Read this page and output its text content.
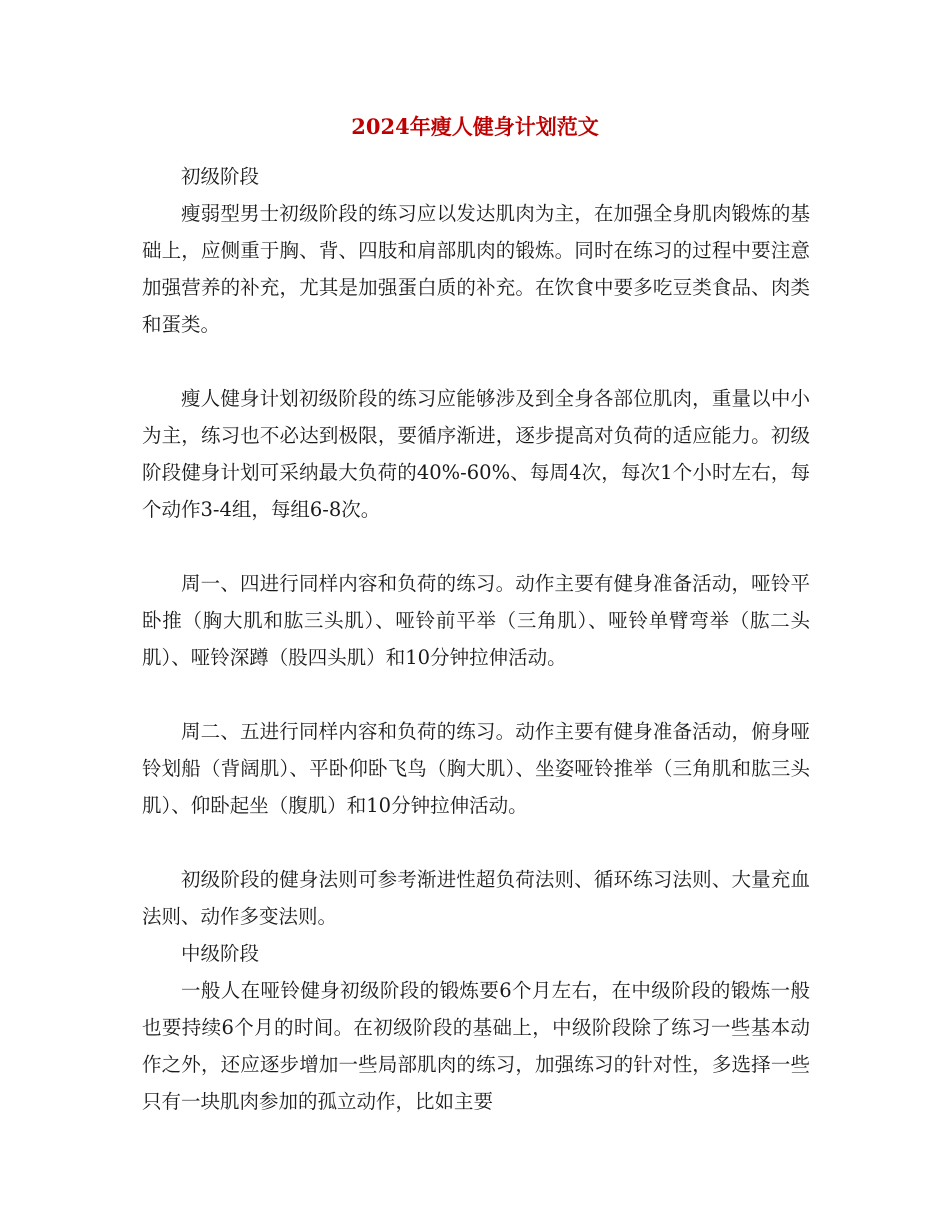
2024年瘦人健身计划范文

初级阶段

瘦弱型男士初级阶段的练习应以发达肌肉为主，在加强全身肌肉锻炼的基础上，应侧重于胸、背、四肢和肩部肌肉的锻炼。同时在练习的过程中要注意加强营养的补充，尤其是加强蛋白质的补充。在饮食中要多吃豆类食品、肉类和蛋类。

瘦人健身计划初级阶段的练习应能够涉及到全身各部位肌肉，重量以中小为主，练习也不必达到极限，要循序渐进，逐步提高对负荷的适应能力。初级阶段健身计划可采纳最大负荷的40%-60%、每周4次，每次1个小时左右，每个动作3-4组，每组6-8次。

周一、四进行同样内容和负荷的练习。动作主要有健身准备活动，哑铃平卧推（胸大肌和肱三头肌）、哑铃前平举（三角肌）、哑铃单臂弯举（肱二头肌）、哑铃深蹲（股四头肌）和10分钟拉伸活动。

周二、五进行同样内容和负荷的练习。动作主要有健身准备活动，俯身哑铃划船（背阔肌）、平卧仰卧飞鸟（胸大肌）、坐姿哑铃推举（三角肌和肱三头肌）、仰卧起坐（腹肌）和10分钟拉伸活动。

初级阶段的健身法则可参考渐进性超负荷法则、循环练习法则、大量充血法则、动作多变法则。

中级阶段

一般人在哑铃健身初级阶段的锻炼要6个月左右，在中级阶段的锻炼一般也要持续6个月的时间。在初级阶段的基础上，中级阶段除了练习一些基本动作之外，还应逐步增加一些局部肌肉的练习，加强练习的针对性，多选择一些只有一块肌肉参加的孤立动作，比如主要
